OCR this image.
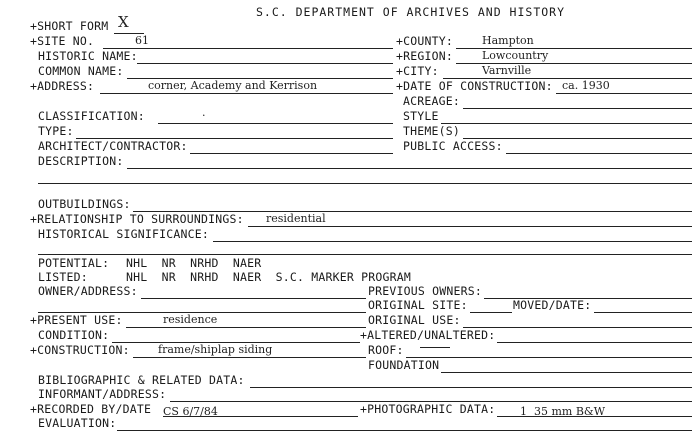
S.C. DEPARTMENT OF ARCHIVES AND HISTORY
+SHORT FORM X
+SITE NO.	61	+COUNTY:	Hampton
HISTORIC NAME:	+REGION:	Lowcountry
COMMON NAME:	+CITY:	Varnville
+ADDRESS:	corner, Academy and Kerrison	+DATE OF CONSTRUCTION: ca. 1930
ACREAGE:
CLASSIFICATION:	.	STYLE
TYPE:	THEME(S)
ARCHITECT/CONTRACTOR:	PUBLIC ACCESS:
DESCRIPTION:
OUTBUILDINGS:
+RELATIONSHIP TO SURROUNDINGS: residential
HISTORICAL SIGNIFICANCE:
POTENTIAL: NHL  NR  NRHD  NAER
LISTED:	NHL  NR  NRHD  NAER  S.C. MARKER PROGRAM
OWNER/ADDRESS:	PREVIOUS OWNERS:
ORIGINAL SITE:	MOVED/DATE:
+PRESENT USE:	residence	ORIGINAL USE:
CONDITION:	+ALTERED/UNALTERED:
+CONSTRUCTION:	frame/shiplap siding	ROOF:
FOUNDATION
BIBLIOGRAPHIC & RELATED DATA:
INFORMANT/ADDRESS:
+RECORDED BY/DATE CS 6/7/84	+PHOTOGRAPHIC DATA: 1  35 mm B&W
EVALUATION:
